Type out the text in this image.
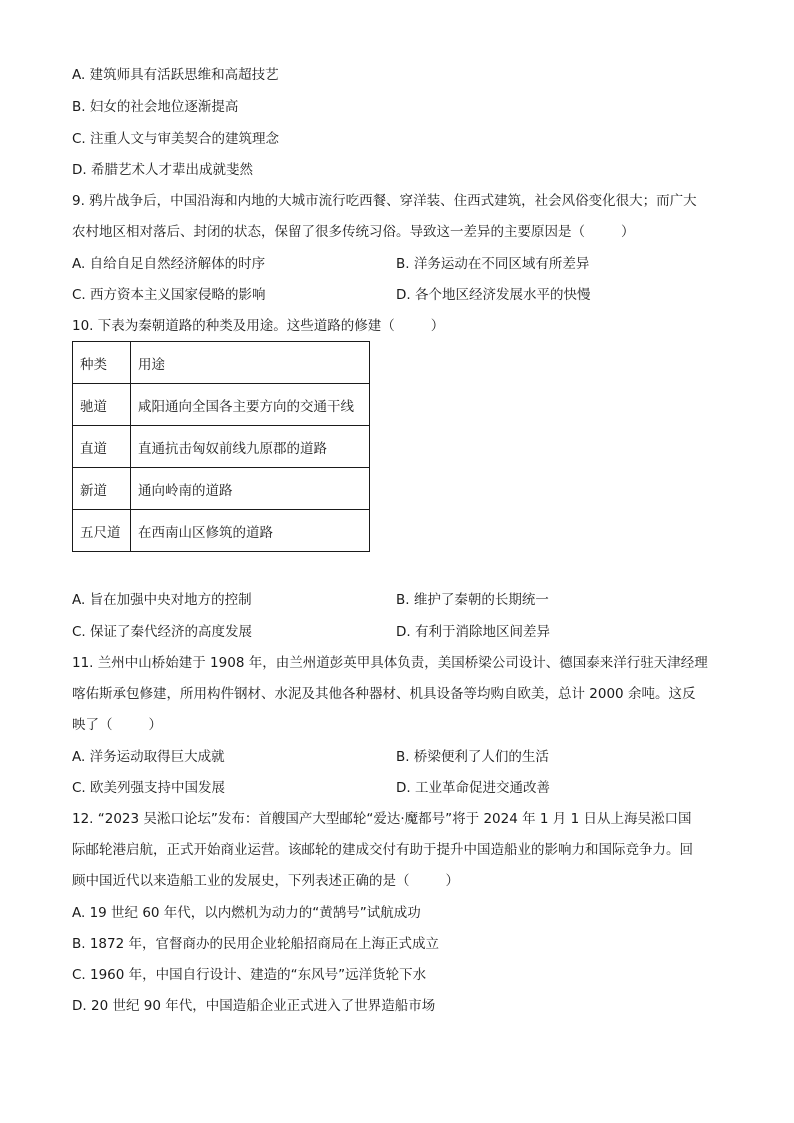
A. 建筑师具有活跃思维和高超技艺
B. 妇女的社会地位逐渐提高
C. 注重人文与审美契合的建筑理念
D. 希腊艺术人才辈出成就斐然
9. 鸦片战争后，中国沿海和内地的大城市流行吃西餐、穿洋装、住西式建筑，社会风俗变化很大；而广大
农村地区相对落后、封闭的状态，保留了很多传统习俗。导致这一差异的主要原因是（	）
A. 自给自足自然经济解体的时序	B. 洋务运动在不同区域有所差异
C. 西方资本主义国家侵略的影响	D. 各个地区经济发展水平的快慢
10. 下表为秦朝道路的种类及用途。这些道路的修建（	）
种类	用途
驰道	咸阳通向全国各主要方向的交通干线
直道	直通抗击匈奴前线九原郡的道路
新道	通向岭南的道路
五尺道	在西南山区修筑的道路
A. 旨在加强中央对地方的控制	B. 维护了秦朝的长期统一
C. 保证了秦代经济的高度发展	D. 有利于消除地区间差异
11. 兰州中山桥始建于 1908 年，由兰州道彭英甲具体负责，美国桥梁公司设计、德国泰来洋行驻天津经理
喀佑斯承包修建，所用构件钢材、水泥及其他各种器材、机具设备等均购自欧美，总计 2000 余吨。这反
映了（	）
A. 洋务运动取得巨大成就	B. 桥梁便利了人们的生活
C. 欧美列强支持中国发展	D. 工业革命促进交通改善
12. “2023 吴淞口论坛”发布：首艘国产大型邮轮“爱达·魔都号”将于 2024 年 1 月 1 日从上海吴淞口国
际邮轮港启航，正式开始商业运营。该邮轮的建成交付有助于提升中国造船业的影响力和国际竞争力。回
顾中国近代以来造船工业的发展史，下列表述正确的是（	）
A. 19 世纪 60 年代，以内燃机为动力的“黄鹄号”试航成功
B. 1872 年，官督商办的民用企业轮船招商局在上海正式成立
C. 1960 年，中国自行设计、建造的“东风号”远洋货轮下水
D. 20 世纪 90 年代，中国造船企业正式进入了世界造船市场
